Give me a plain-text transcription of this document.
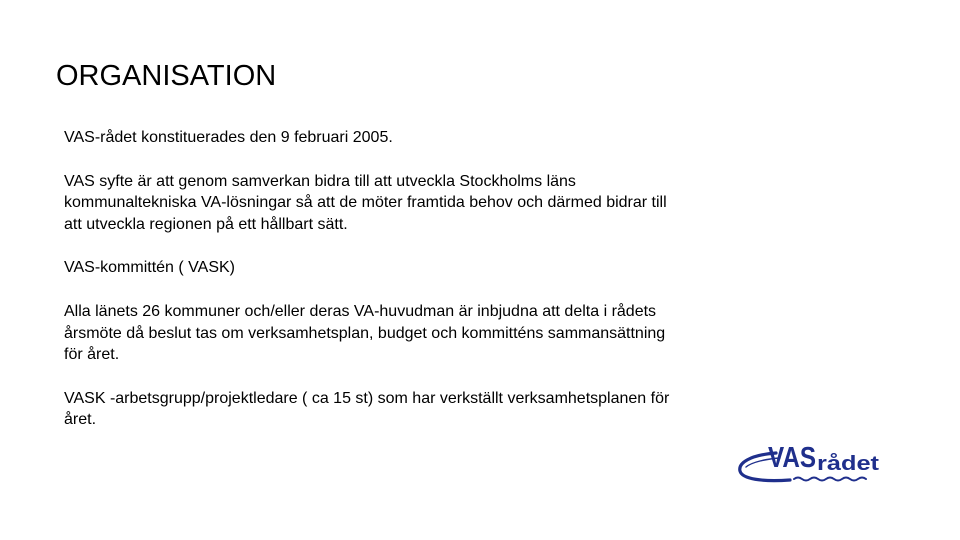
ORGANISATION

VAS-rådet konstituerades den 9 februari 2005.

VAS syfte är att genom samverkan bidra till att utveckla Stockholms läns
kommunaltekniska VA-lösningar så att de möter framtida behov och därmed bidrar till
att utveckla regionen på ett hållbart sätt.

VAS-kommittén ( VASK)

Alla länets 26 kommuner och/eller deras VA-huvudman är inbjudna att delta i rådets
årsmöte då beslut tas om verksamhetsplan, budget och kommitténs sammansättning
för året.

VASK -arbetsgrupp/projektledare ( ca 15 st) som har verkställt verksamhetsplanen för
året.

VAS rådet
